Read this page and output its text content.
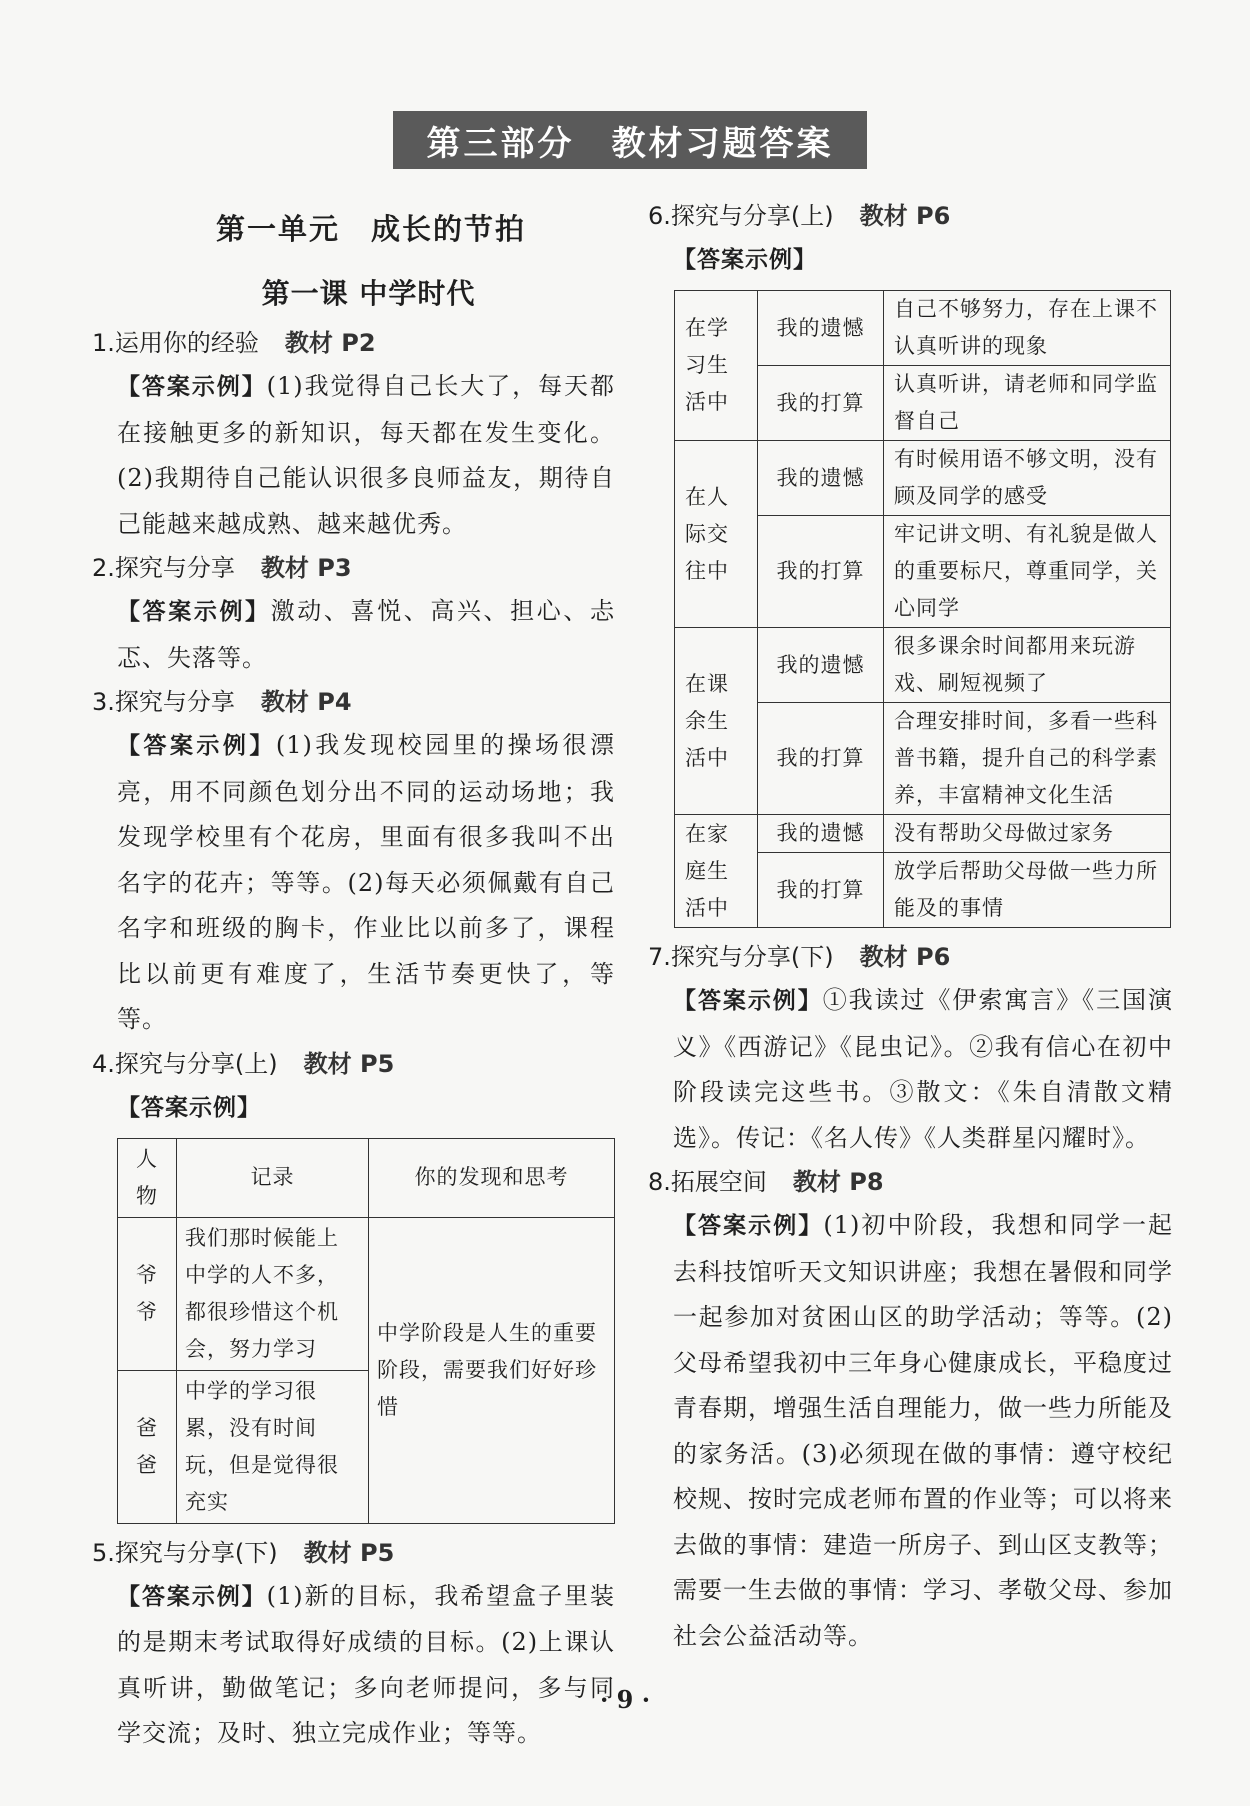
第三部分　教材习题答案
第一单元　成长的节拍
第一课 中学时代
1.运用你的经验 教材 P2
【答案示例】(1)我觉得自己长大了，每天都在接触更多的新知识，每天都在发生变化。(2)我期待自己能认识很多良师益友，期待自己能越来越成熟、越来越优秀。
2.探究与分享 教材 P3
【答案示例】激动、喜悦、高兴、担心、忐忑、失落等。
3.探究与分享 教材 P4
【答案示例】(1)我发现校园里的操场很漂亮，用不同颜色划分出不同的运动场地；我发现学校里有个花房，里面有很多我叫不出名字的花卉；等等。(2)每天必须佩戴有自己名字和班级的胸卡，作业比以前多了，课程比以前更有难度了，生活节奏更快了，等等。
4.探究与分享(上) 教材 P5
【答案示例】
人物	记录	你的发现和思考
爷爷	我们那时候能上中学的人不多，都很珍惜这个机会，努力学习	中学阶段是人生的重要阶段，需要我们好好珍惜
爸爸	中学的学习很累，没有时间玩，但是觉得很充实	
5.探究与分享(下) 教材 P5
【答案示例】(1)新的目标，我希望盒子里装的是期末考试取得好成绩的目标。(2)上课认真听讲，勤做笔记；多向老师提问，多与同学交流；及时、独立完成作业；等等。
6.探究与分享(上) 教材 P6
【答案示例】
在学习生活中	我的遗憾	自己不够努力，存在上课不认真听讲的现象
	我的打算	认真听讲，请老师和同学监督自己
在人际交往中	我的遗憾	有时候用语不够文明，没有顾及同学的感受
	我的打算	牢记讲文明、有礼貌是做人的重要标尺，尊重同学，关心同学
在课余生活中	我的遗憾	很多课余时间都用来玩游戏、刷短视频了
	我的打算	合理安排时间，多看一些科普书籍，提升自己的科学素养，丰富精神文化生活
在家庭生活中	我的遗憾	没有帮助父母做过家务
	我的打算	放学后帮助父母做一些力所能及的事情
7.探究与分享(下) 教材 P6
【答案示例】①我读过《伊索寓言》《三国演义》《西游记》《昆虫记》。②我有信心在初中阶段读完这些书。③散文：《朱自清散文精选》。传记：《名人传》《人类群星闪耀时》。
8.拓展空间 教材 P8
【答案示例】(1)初中阶段，我想和同学一起去科技馆听天文知识讲座；我想在暑假和同学一起参加对贫困山区的助学活动；等等。(2)父母希望我初中三年身心健康成长，平稳度过青春期，增强生活自理能力，做一些力所能及的家务活。(3)必须现在做的事情：遵守校纪校规、按时完成老师布置的作业等；可以将来去做的事情：建造一所房子、到山区支教等；需要一生去做的事情：学习、孝敬父母、参加社会公益活动等。
· 9 ·
